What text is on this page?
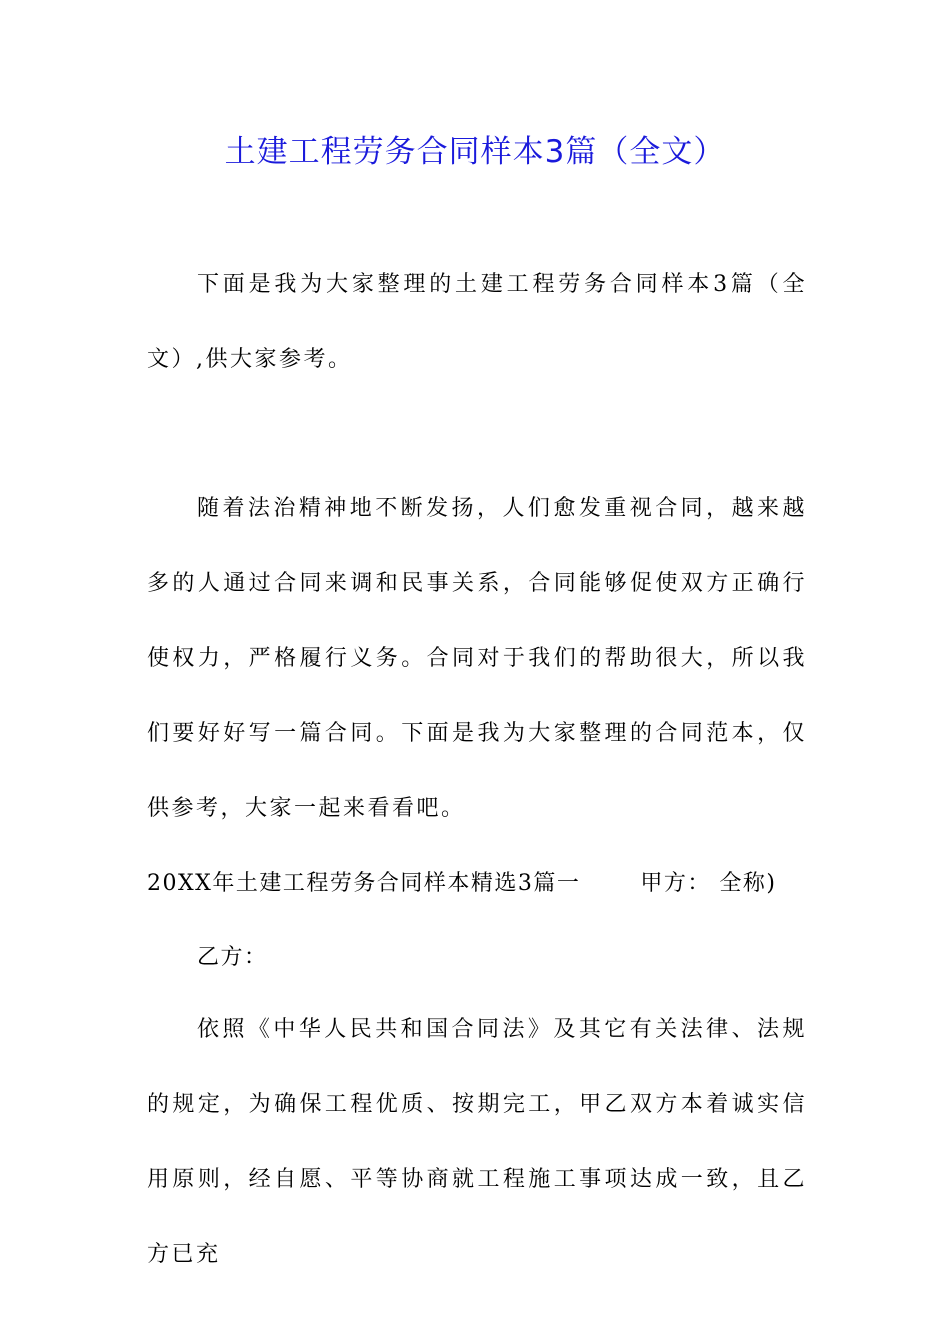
土建工程劳务合同样本3篇（全文）
下面是我为大家整理的土建工程劳务合同样本3篇（全文）,供大家参考。
随着法治精神地不断发扬，人们愈发重视合同，越来越多的人通过合同来调和民事关系，合同能够促使双方正确行使权力，严格履行义务。合同对于我们的帮助很大，所以我们要好好写一篇合同。下面是我为大家整理的合同范本，仅供参考，大家一起来看看吧。
20XX年土建工程劳务合同样本精选3篇一	甲方： 全称)
乙方：
依照《中华人民共和国合同法》及其它有关法律、法规的规定，为确保工程优质、按期完工，甲乙双方本着诚实信用原则，经自愿、平等协商就工程施工事项达成一致，且乙方已充
